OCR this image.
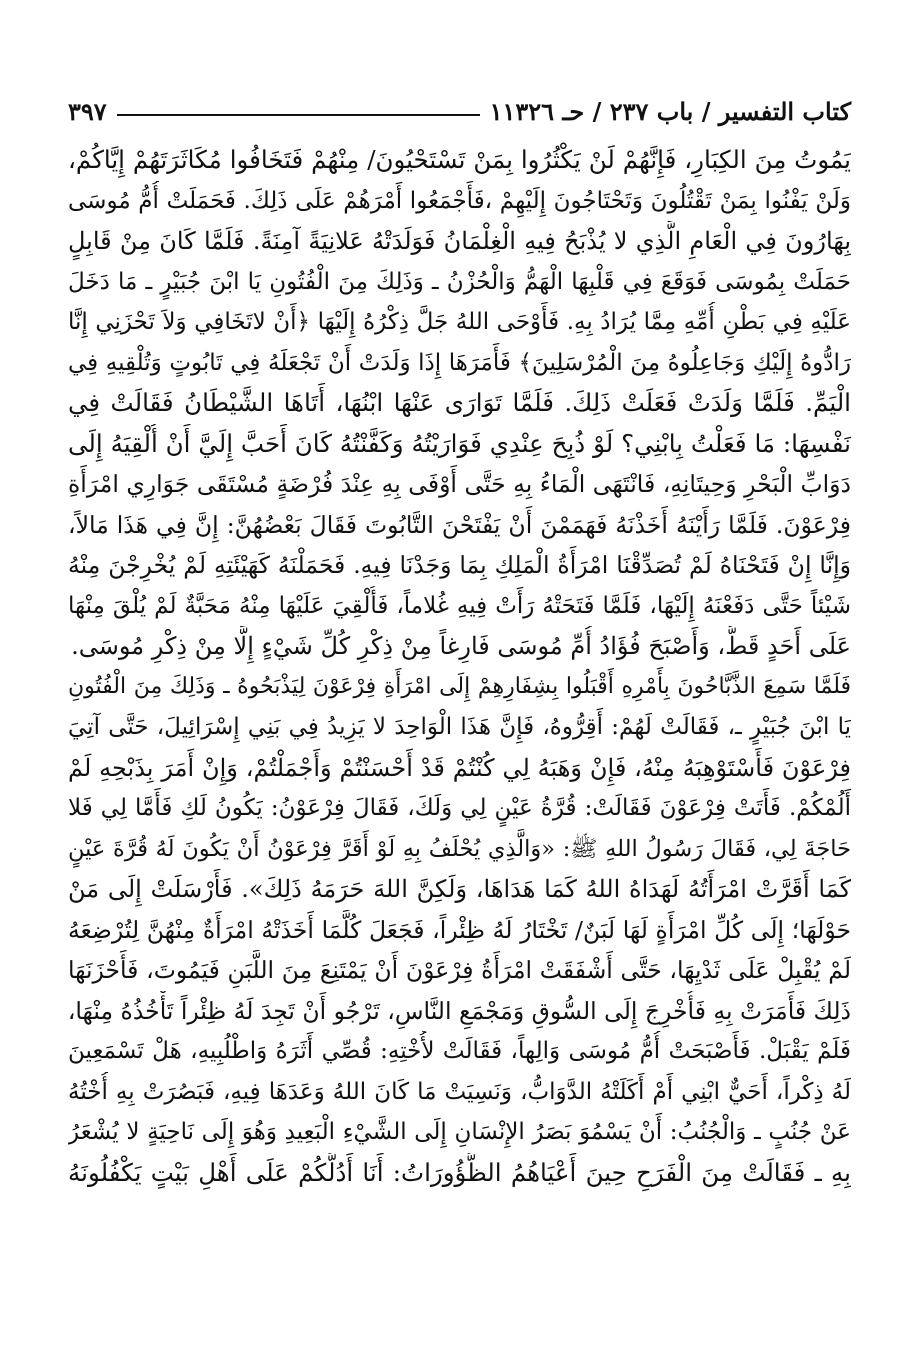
كتاب التفسير / باب ٢٣٧ / حـ ١١٣٢٦
٣٩٧
يَمُوتُ مِنَ الكِبَارِ، فَإِنَّهُمْ لَنْ يَكْثُرُوا بِمَنْ تَسْتَحْيُونَ/ مِنْهُمْ فَتَخَافُوا مُكَاثَرَتَهُمْ إِيَّاكُمْ،
وَلَنْ يَفْنُوا بِمَنْ تَقْتُلُونَ وَتَحْتَاجُونَ إِلَيْهِمْ ،فَأَجْمَعُوا أَمْرَهُمْ عَلَى ذَلِكَ. فَحَمَلَتْ أُمُّ مُوسَى
بِهَارُونَ فِي الْعَامِ الَّذِي لا يُذْبَحُ فِيهِ الْغِلْمَانُ فَوَلَدَتْهُ عَلانِيَةً آمِنَةً. فَلَمَّا كَانَ مِنْ قَابِلٍ
حَمَلَتْ بِمُوسَى فَوَقَعَ فِي قَلْبِهَا الْهَمُّ وَالْحُزْنُ ـ وَذَلِكَ مِنَ الْفُتُونِ يَا ابْنَ جُبَيْرٍ ـ مَا دَخَلَ
عَلَيْهِ فِي بَطْنِ أُمِّهِ مِمَّا يُرَادُ بِهِ. فَأَوْحَى اللهُ جَلَّ ذِكْرُهُ إِلَيْهَا ﴿أَنْ لاتَخَافِي وَلاَ تَحْزَنِي إِنَّا
رَادُّوهُ إِلَيْكِ وَجَاعِلُوهُ مِنَ الْمُرْسَلِينَ﴾ فَأَمَرَهَا إِذَا وَلَدَتْ أَنْ تَجْعَلَهُ فِي تَابُوتٍ وَتُلْقِيهِ فِي
الْيَمِّ. فَلَمَّا وَلَدَتْ فَعَلَتْ ذَلِكَ. فَلَمَّا تَوَارَى عَنْهَا ابْنُهَا، أَتَاهَا الشَّيْطَانُ فَقَالَتْ فِي
نَفْسِهَا: مَا فَعَلْتُ بِابْنِي؟ لَوْ ذُبِحَ عِنْدِي فَوَارَيْتُهُ وَكَفَّنْتُهُ كَانَ أَحَبَّ إِلَيَّ أَنْ أُلْقِيَهُ إِلَى
دَوَابِّ الْبَحْرِ وَحِيتَانِهِ، فَانْتَهَى الْمَاءُ بِهِ حَتَّى أَوْفَى بِهِ عِنْدَ فُرْضَةٍ مُسْتَقَى جَوَارِي امْرَأَةِ
فِرْعَوْنَ. فَلَمَّا رَأَيْنَهُ أَخَذْنَهُ فَهَمَمْنَ أَنْ يَفْتَحْنَ التَّابُوتَ فَقَالَ بَعْضُهُنَّ: إِنَّ فِي هَذَا مَالاً،
وَإِنَّا إِنْ فَتَحْنَاهُ لَمْ تُصَدِّقْنَا امْرَأَةُ الْمَلِكِ بِمَا وَجَدْنَا فِيهِ. فَحَمَلْنَهُ كَهَيْئَتِهِ لَمْ يُخْرِجْنَ مِنْهُ
شَيْئاً حَتَّى دَفَعْنَهُ إِلَيْهَا، فَلَمَّا فَتَحَتْهُ رَأَتْ فِيهِ غُلاماً، فَأُلْقِيَ عَلَيْهَا مِنْهُ مَحَبَّةٌ لَمْ يُلْقَ مِنْهَا
عَلَى أَحَدٍ قَطُّ، وَأَصْبَحَ فُؤَادُ أُمِّ مُوسَى فَارِغاً مِنْ ذِكْرِ كُلِّ شَيْءٍ إِلَّا مِنْ ذِكْرِ مُوسَى.
فَلَمَّا سَمِعَ الذَّبَّاحُونَ بِأَمْرِهِ أَقْبَلُوا بِشِفَارِهِمْ إِلَى امْرَأَةِ فِرْعَوْنَ لِيَذْبَحُوهُ ـ وَذَلِكَ مِنَ الْفُتُونِ
يَا ابْنَ جُبَيْرٍ ـ، فَقَالَتْ لَهُمْ: أَقِرُّوهُ، فَإِنَّ هَذَا الْوَاحِدَ لا يَزِيدُ فِي بَنِي إِسْرَائِيلَ، حَتَّى آتِيَ
فِرْعَوْنَ فَأَسْتَوْهِبَهُ مِنْهُ، فَإِنْ وَهَبَهُ لِي كُنْتُمْ قَدْ أَحْسَنْتُمْ وَأَجْمَلْتُمْ، وَإِنْ أَمَرَ بِذَبْحِهِ لَمْ
أَلُمْكُمْ. فَأَتَتْ فِرْعَوْنَ فَقَالَتْ: قُرَّةُ عَيْنٍ لِي وَلَكَ، فَقَالَ فِرْعَوْنُ: يَكُونُ لَكِ فَأَمَّا لِي فَلا
حَاجَةَ لِي، فَقَالَ رَسُولُ اللهِ ﷺ: «وَالَّذِي يُحْلَفُ بِهِ لَوْ أَقَرَّ فِرْعَوْنُ أَنْ يَكُونَ لَهُ قُرَّةَ عَيْنٍ
كَمَا أَقَرَّتْ امْرَأَتُهُ لَهَدَاهُ اللهُ كَمَا هَدَاهَا، وَلَكِنَّ اللهَ حَرَمَهُ ذَلِكَ». فَأَرْسَلَتْ إِلَى مَنْ
حَوْلَهَا؛ إِلَى كُلِّ امْرَأَةٍ لَهَا لَبَنٌ/ تَخْتَارُ لَهُ ظِئْراً، فَجَعَلَ كُلَّمَا أَخَذَتْهُ امْرَأَةٌ مِنْهُنَّ لِتُرْضِعَهُ
لَمْ يُقْبِلْ عَلَى ثَدْيِهَا، حَتَّى أَشْفَقَتْ امْرَأَةُ فِرْعَوْنَ أَنْ يَمْتَنِعَ مِنَ اللَّبَنِ فَيَمُوتَ، فَأَحْزَنَهَا
ذَلِكَ فَأَمَرَتْ بِهِ فَأُخْرِجَ إِلَى السُّوقِ وَمَجْمَعِ النَّاسِ، تَرْجُو أَنْ تَجِدَ لَهُ ظِئْراً تَأْخُذُهُ مِنْهَا،
فَلَمْ يَقْبَلْ. فَأَصْبَحَتْ أُمُّ مُوسَى وَالِهاً، فَقَالَتْ لأُخْتِهِ: قُصِّي أَثَرَهُ وَاطْلُبِيهِ، هَلْ تَسْمَعِينَ
لَهُ ذِكْراً، أَحَيٌّ ابْنِي أَمْ أَكَلَتْهُ الدَّوَابُّ، وَنَسِيَتْ مَا كَانَ اللهُ وَعَدَهَا فِيهِ، فَبَصُرَتْ بِهِ أُخْتُهُ
عَنْ جُنُبٍ ـ وَالْجُنُبُ: أَنْ يَسْمُوَ بَصَرُ الإِنْسَانِ إِلَى الشَّيْءِ الْبَعِيدِ وَهُوَ إِلَى نَاحِيَةٍ لا يُشْعَرُ
بِهِ ـ فَقَالَتْ مِنَ الْفَرَحِ حِينَ أَعْيَاهُمُ الظُّؤُورَاتُ: أَنَا أَدُلُّكُمْ عَلَى أَهْلِ بَيْتٍ يَكْفُلُونَهُ
